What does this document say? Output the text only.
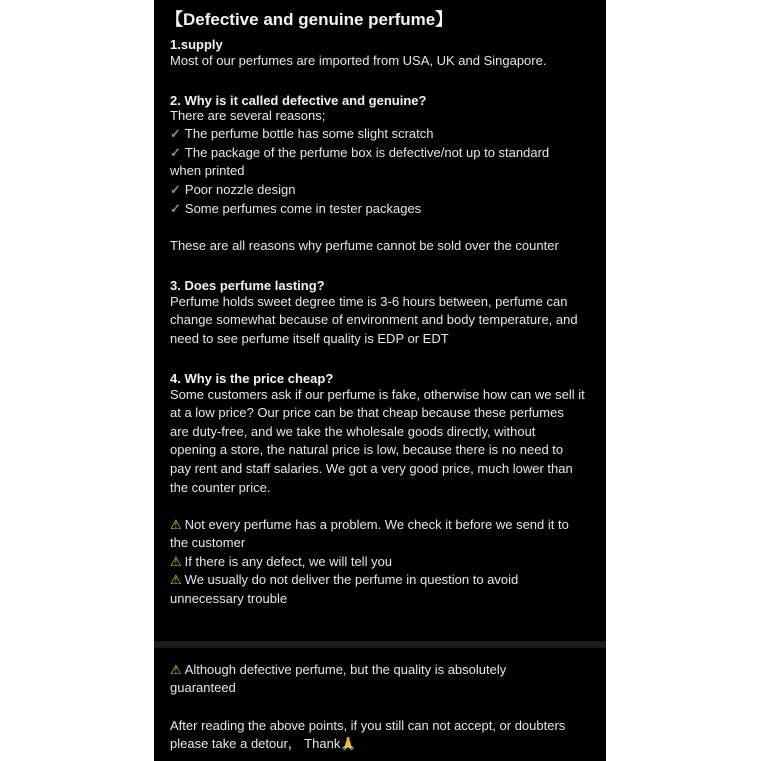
【Defective and genuine perfume】
1.supply
Most of our perfumes are imported from USA, UK and Singapore.
2. Why is it called defective and genuine?
There are several reasons;
✓ The perfume bottle has some slight scratch
✓ The package of the perfume box is defective/not up to standard
when printed
✓ Poor nozzle design
✓ Some perfumes come in tester packages
These are all reasons why perfume cannot be sold over the counter
3. Does perfume lasting?
Perfume holds sweet degree time is 3-6 hours between, perfume can
change somewhat because of environment and body temperature, and
need to see perfume itself quality is EDP or EDT
4. Why is the price cheap?
Some customers ask if our perfume is fake, otherwise how can we sell it
at a low price? Our price can be that cheap because these perfumes
are duty-free, and we take the wholesale goods directly, without
opening a store, the natural price is low, because there is no need to
pay rent and staff salaries. We got a very good price, much lower than
the counter price.
⚠ Not every perfume has a problem. We check it before we send it to
the customer
⚠ If there is any defect, we will tell you
⚠ We usually do not deliver the perfume in question to avoid
unnecessary trouble
⚠ Although defective perfume, but the quality is absolutely
guaranteed
After reading the above points, if you still can not accept, or doubters
please take a detour， Thank🙏
